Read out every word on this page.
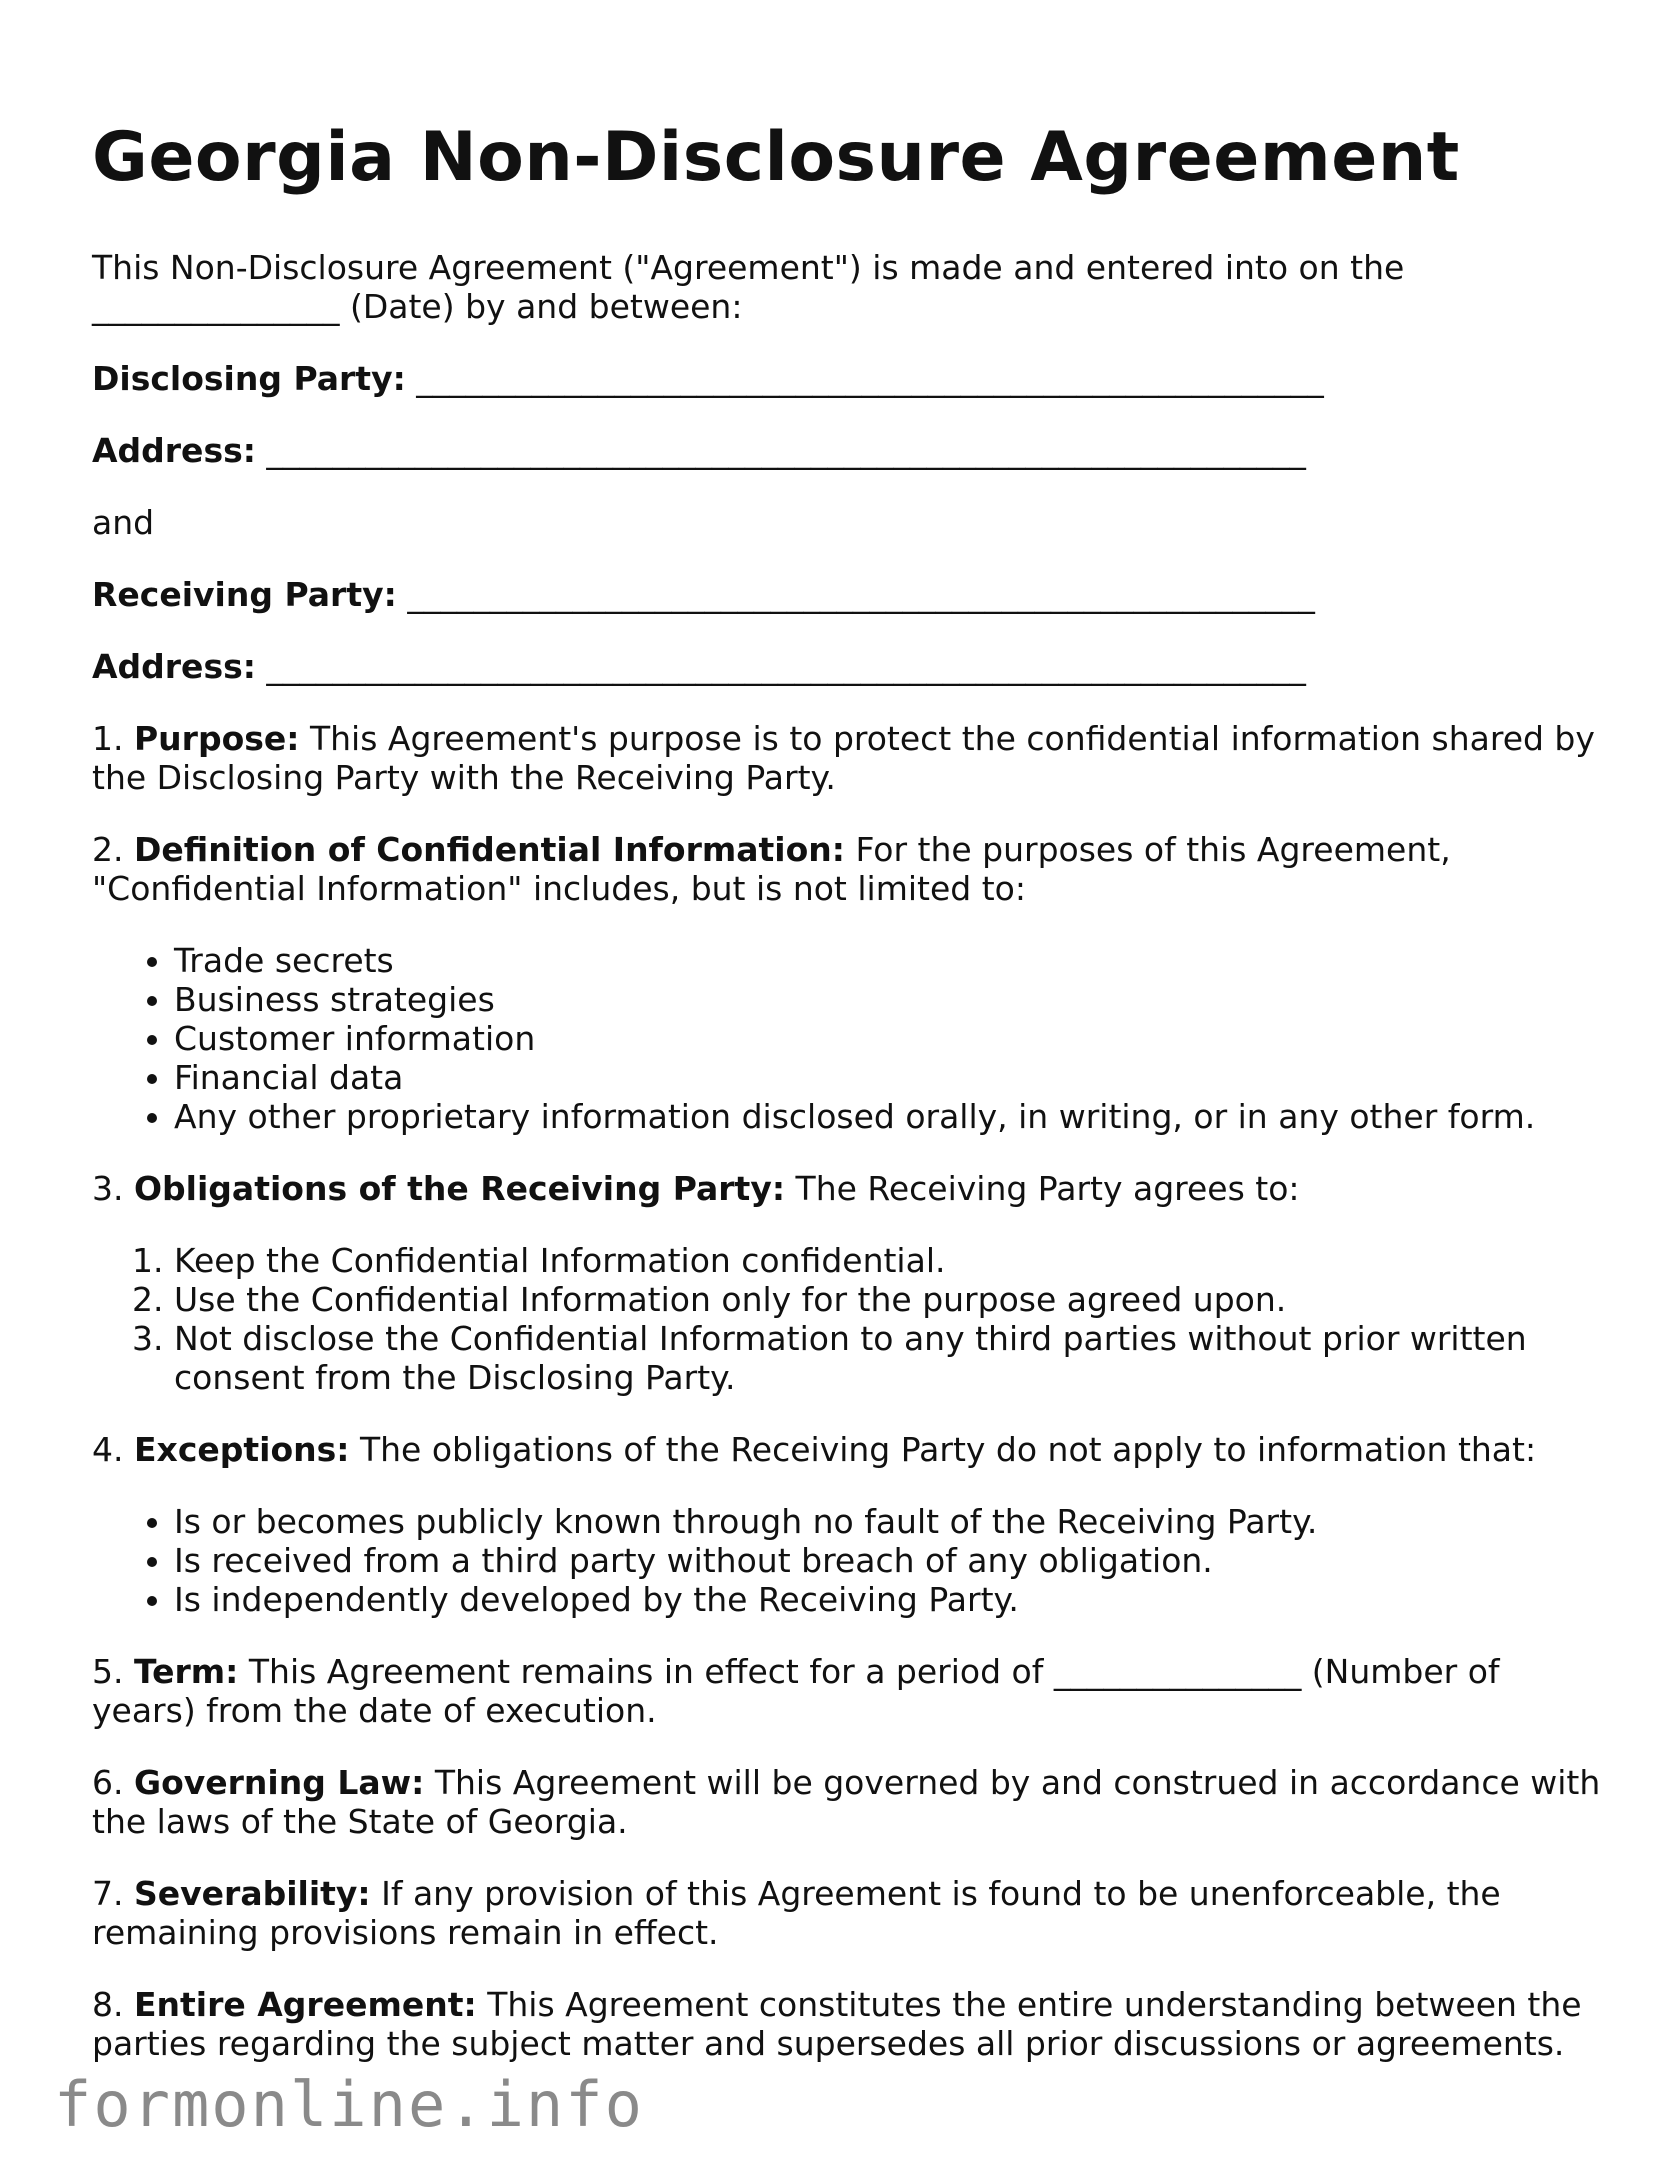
Georgia Non-Disclosure Agreement

This Non-Disclosure Agreement ("Agreement") is made and entered into on the _______________ (Date) by and between:

Disclosing Party: _______________________________________________________
Address: _______________________________________________________________

and

Receiving Party: _______________________________________________________
Address: _______________________________________________________________

1. Purpose: This Agreement's purpose is to protect the confidential information shared by the Disclosing Party with the Receiving Party.

2. Definition of Confidential Information: For the purposes of this Agreement, "Confidential Information" includes, but is not limited to:

• Trade secrets
• Business strategies
• Customer information
• Financial data
• Any other proprietary information disclosed orally, in writing, or in any other form.

3. Obligations of the Receiving Party: The Receiving Party agrees to:

1. Keep the Confidential Information confidential.
2. Use the Confidential Information only for the purpose agreed upon.
3. Not disclose the Confidential Information to any third parties without prior written consent from the Disclosing Party.

4. Exceptions: The obligations of the Receiving Party do not apply to information that:

• Is or becomes publicly known through no fault of the Receiving Party.
• Is received from a third party without breach of any obligation.
• Is independently developed by the Receiving Party.

5. Term: This Agreement remains in effect for a period of _______________ (Number of years) from the date of execution.

6. Governing Law: This Agreement will be governed by and construed in accordance with the laws of the State of Georgia.

7. Severability: If any provision of this Agreement is found to be unenforceable, the remaining provisions remain in effect.

8. Entire Agreement: This Agreement constitutes the entire understanding between the parties regarding the subject matter and supersedes all prior discussions or agreements.

formonline.info
